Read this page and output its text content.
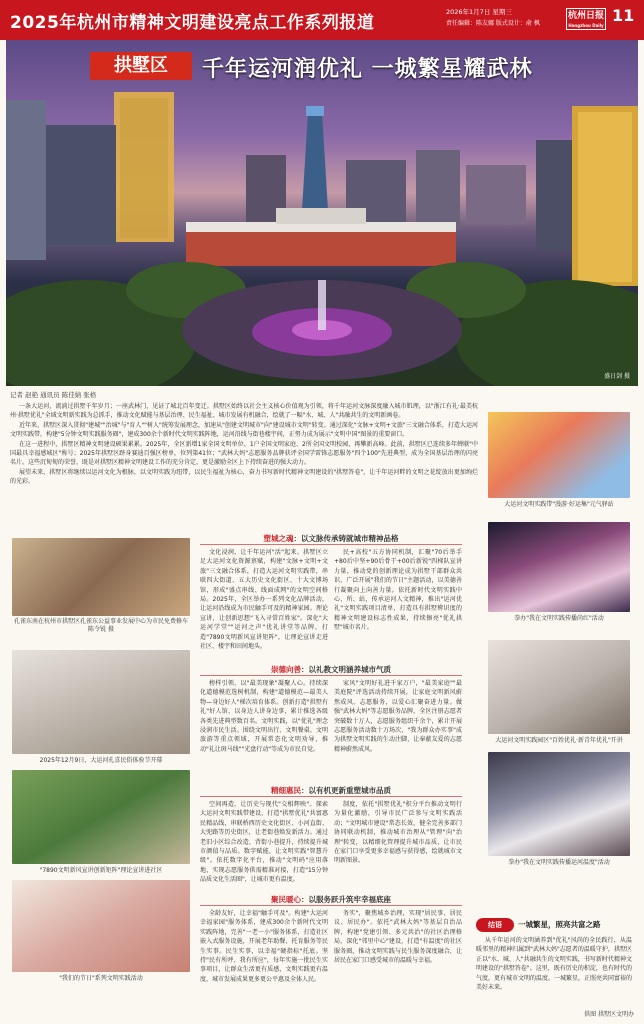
2025年杭州市精神文明建设亮点工作系列报道
2026年1月7日 星期三
责任编辑：陈友娜 版式设计：俞 枫
杭州日报
Hangzhou Daily
11
拱墅区	千年运河润优礼 一城繁星耀武林
盛日剑 摄
记者 赵艳 通讯员 陈佳婧 张格

一条大运河，流淌过拱墅千年岁月；一座武林门，见证了城北百年变迁。拱墅区始终以社会主义核心价值观为引领，将千年运河文脉深度融入城市肌理，以"浙江有礼·最美杭州·拱墅优礼"全域文明新实践为总抓手，推动文化赋能与基层治理、民生福祉、城市发展有机融合，绘就了一幅"水、城、人"共融共生的文明新画卷。

近年来，拱墅区深入贯彻"建城""治城"与"育人""树人"统筹发展理念，加速从"创建文明城市"向"建设城市文明"转变。通过深化"文脉+文明+文旅"三文融合体系，打造大运河文明实践带，构建"5分钟文明实践服务圈"，建成300余个新时代文明实践阵地，运河沿线与街巷楼宇间，正努力成为展示"文明中国"图景的重要窗口。

在这一进程中，拱墅区精神文明建设硕果累累。2025年，全区新增1家全国文明单位、1户全国文明家庭、2所全国文明校园，再攀新高峰。此前，拱墅区已连续多年蝉联"中国最具幸福感城区"称号；2025年拱墅区跻身赛迪百强区榜单，位列第41位；"武林大妈"志愿服务品牌获评全国学雷锋志愿服务"四个100"先进典型，成为全国基层治理的闪亮名片。这些沉甸甸的荣誉，既是对拱墅区精神文明建设工作的充分肯定，更是激励全区上下持续奋进的强大动力。

展望未来，拱墅区将继续以运河文化为根脉，以文明实践为纽带，以民生福祉为核心，奋力书写新时代精神文明建设的"拱墅答卷"，让千年运河畔的文明之花绽放出更加绚烂的光彩。

孔雀东南在杭州市拱墅区孔雀东公益事业发展中心为市民免费修车 陈令锐 摄
2025年12月9日，大运河孔喜民俗体验节开幕
"7890文明新风宣讲创新矩阵"理论宣讲进社区
"我们的节日"系列文明实践活动
塑城之魂：以文脉传承铸就城市精神品格
文化浸润，让千年运河"活"起来。拱墅区立足大运河文化资源禀赋，构建"文脉+文明+文旅"三文融合体系，打造大运河文明实践带，串联四大街道、五大历史文化街区、十大文博场馆，形成"盛点串线、线面成网"的文明空间格局。2025年，全区举办一系列文化品牌活动，让运河沿线成为市民触手可及的精神家园。理论宣讲，让创新思想"飞入寻常百姓家"。深化"大运河学堂""运河之声"优礼讲堂等品牌，打造"7890文明新风宣讲矩阵"，让理论宣讲走进社区、楼宇和田间地头。
民+高校"五方协同机制，汇聚"70后举手+80后中坚+90后骨干+00后新锐"四梯队宣讲力量，推动党的创新理论成为拱墅干部群众共识，广泛开展"我们的节日"主题活动，以美德善行凝聚向上向善力量。依托新时代文明实践中心、所、站，传承运河人文精神，推出"运河优礼"文明实践项目清单，打造具有拱墅辨识度的精神文明建设标志性成果，持续擦亮"优礼拱墅"城市名片。
崇德向善：以礼教文明涵养城市气质
榜样引领，以"最美现象"凝聚人心。持续深化道德模范选树机制，构建"道德模范—最美人物—身边好人"梯次培育体系。创新打造"拱墅有礼"好人馆，以身边人讲身边事，累计推选各级各类先进典型数百名。文明实践，以"优礼"理念浸润市民生活。围绕文明出行、文明餐桌、文明旅游等重点领域，开展常态化文明劝导，推动"礼让斑马线""光盘行动"等成为市民自觉。
家风"文明好礼进千家万户，"最美家庭""最美庭院"评选活动持续开展，让家庭文明新风蔚然成风。志愿服务，以爱心汇聚奋进力量。做强"武林大妈"等志愿服务品牌，全区注册志愿者突破数十万人，志愿服务组织千余个，累计开展志愿服务活动数十万场次，"我为群众办实事"成为拱墅文明实践的生动注脚，让奉献友爱的志愿精神蔚然成风。
精细惠民：以有机更新重塑城市品质
空间再造，让历史与现代"交相辉映"。探索大运河文明实践带建设，打造"拱墅优礼"共富惠民精品线，串联桥西历史文化街区、小河直街、大兜路等历史街区，让老街巷焕发新活力。通过老旧小区综合改造、背街小巷提升，持续提升城市颜值与品质。数字赋能，让文明实践"智慧升级"。依托数字化平台，推动"文明码"应用落地，实现志愿服务供需精准对接，打造"15分钟品质文化生活圈"，让城市更有温度。
制度，依托"拱墅优礼"积分平台推动文明行为量化激励，引导市民广泛参与文明实践活动；"文明城市建设"常态长效，健全完善多部门协同联动机制，推动城市治理从"管理"向"治理"转变，以精细化管理提升城市品质，让市民在家门口享受更多幸福感与获得感，绘就城市文明新图景。
聚民暖心：以服务跃升筑牢幸福底座
全龄友好，让幸福"触手可及"。构建"大运河幸福家园"服务体系，建成300余个新时代文明实践阵地，完善"一老一小"服务体系，打造社区嵌入式服务设施，开展老年助餐、托育服务等民生实事。民生实事，以幸福"硬指标"托底。坚持"民有所呼、我有所应"，每年实施一批民生实事项目，让群众生活更有质感，文明实践更有温度，城市发展成果更多更公平惠及全体人民。
务实"，聚焦城乡治理，实现"居民事、居民议、居民办"。依托"武林大妈"等基层自治品牌，构建"党建引领、多元共治"的社区治理格局，深化"邻里中心"建设，打造"有温度"的社区服务圈，推动文明实践与民生服务深度融合，让居民在家门口感受城市的温暖与幸福。
大运河文明实践带"漫游·好运集"元气驿站
拳办"我在文明实践传播尚红"活动
大运河文明实践园区"百姓优礼·新青年优礼"开讲
拳办"我在文明实践传播运河温度"活动
结语	一城繁星，照亮共富之路
从千年运河的文明涵养到"优礼"风尚的全民践行，从温暖邻里的精神归属到"武林大妈"志愿者的温暖守护，拱墅区正以"水、城、人"共融共生的文明实践，书写新时代精神文明建设的"拱墅答卷"。这里，既有历史的积淀，也有时代的气度，更有城市文明的温度。一城繁星，正照亮共同富裕的美好未来。
供图 拱墅区文明办
